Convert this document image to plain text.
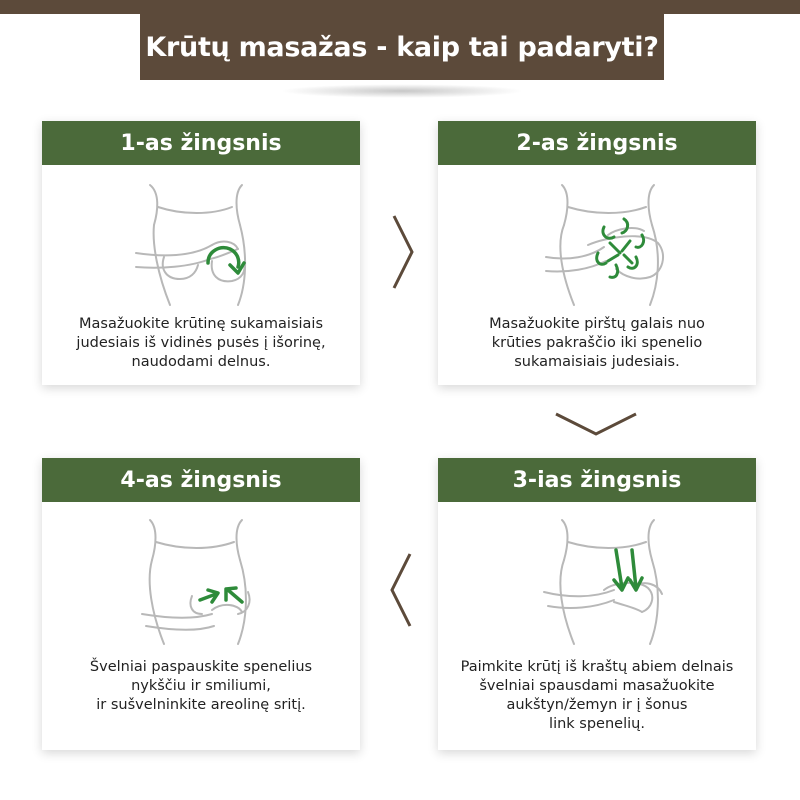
Krūtų masažas - kaip tai padaryti?
1-as žingsnis
Masažuokite krūtinę sukamaisiais
judesiais iš vidinės pusės į išorinę,
naudodami delnus.
2-as žingsnis
Masažuokite pirštų galais nuo
krūties pakraščio iki spenelio
sukamaisiais judesiais.
3-ias žingsnis
Paimkite krūtį iš kraštų abiem delnais
švelniai spausdami masažuokite
aukštyn/žemyn ir į šonus
link spenelių.
4-as žingsnis
Švelniai paspauskite spenelius
nykščiu ir smiliumi,
ir sušvelninkite areolinę sritį.
